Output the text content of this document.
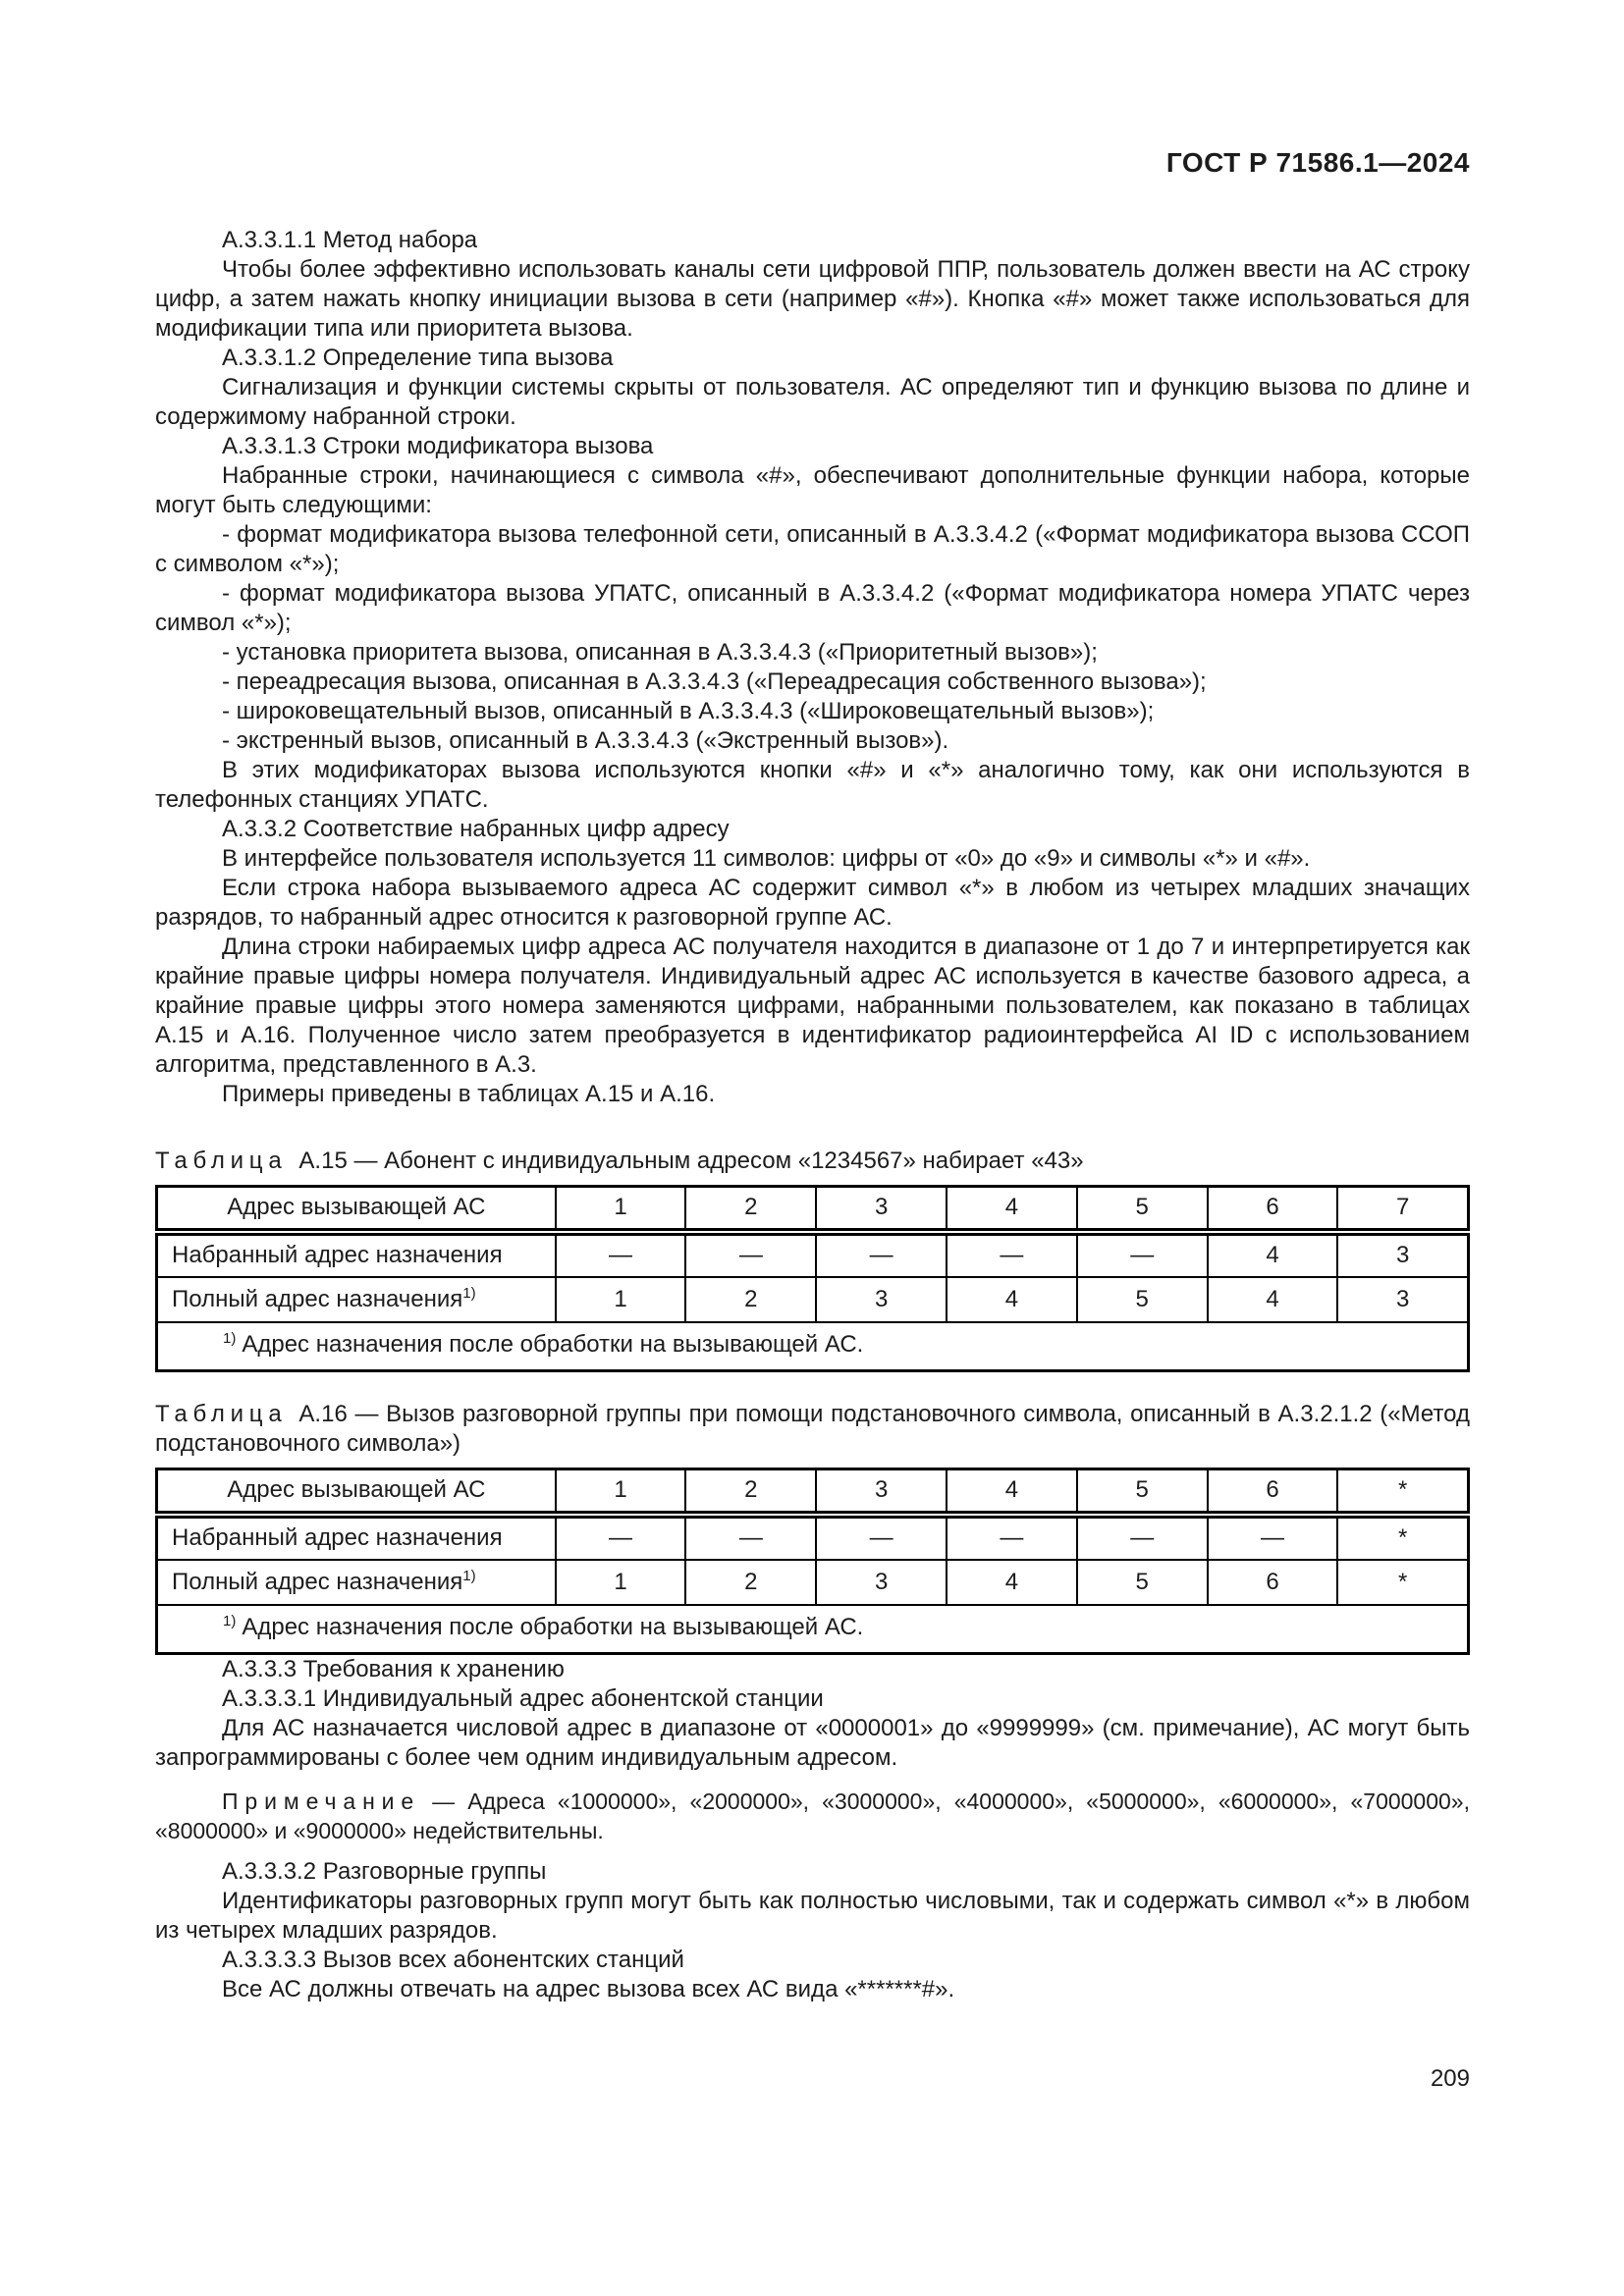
ГОСТ Р 71586.1—2024

А.3.3.1.1 Метод набора

Чтобы более эффективно использовать каналы сети цифровой ППР, пользователь должен ввести на АС строку цифр, а затем нажать кнопку инициации вызова в сети (например «#»). Кнопка «#» может также использоваться для модификации типа или приоритета вызова.

А.3.3.1.2 Определение типа вызова

Сигнализация и функции системы скрыты от пользователя. АС определяют тип и функцию вызова по длине и содержимому набранной строки.

А.3.3.1.3 Строки модификатора вызова

Набранные строки, начинающиеся с символа «#», обеспечивают дополнительные функции набора, которые могут быть следующими:

- формат модификатора вызова телефонной сети, описанный в А.3.3.4.2 («Формат модификатора вызова ССОП с символом «*»);

- формат модификатора вызова УПАТС, описанный в А.3.3.4.2 («Формат модификатора номера УПАТС через символ «*»);

- установка приоритета вызова, описанная в А.3.3.4.3 («Приоритетный вызов»);

- переадресация вызова, описанная в А.3.3.4.3 («Переадресация собственного вызова»);

- широковещательный вызов, описанный в А.3.3.4.3 («Широковещательный вызов»);

- экстренный вызов, описанный в А.3.3.4.3 («Экстренный вызов»).

В этих модификаторах вызова используются кнопки «#» и «*» аналогично тому, как они используются в телефонных станциях УПАТС.

А.3.3.2 Соответствие набранных цифр адресу

В интерфейсе пользователя используется 11 символов: цифры от «0» до «9» и символы «*» и «#».

Если строка набора вызываемого адреса АС содержит символ «*» в любом из четырех младших значащих разрядов, то набранный адрес относится к разговорной группе АС.

Длина строки набираемых цифр адреса АС получателя находится в диапазоне от 1 до 7 и интерпретируется как крайние правые цифры номера получателя. Индивидуальный адрес АС используется в качестве базового адреса, а крайние правые цифры этого номера заменяются цифрами, набранными пользователем, как показано в таблицах А.15 и А.16. Полученное число затем преобразуется в идентификатор радиоинтерфейса AI ID с использованием алгоритма, представленного в А.3.

Примеры приведены в таблицах А.15 и А.16.

Таблица А.15 — Абонент с индивидуальным адресом «1234567» набирает «43»

Адрес вызывающей АС	1	2	3	4	5	6	7
Набранный адрес назначения	—	—	—	—	—	4	3
Полный адрес назначения$^{1)}$	1	2	3	4	5	4	3
$^{1)}$ Адрес назначения после обработки на вызывающей АС.							

Таблица А.16 — Вызов разговорной группы при помощи подстановочного символа, описанный в А.3.2.1.2 («Метод подстановочного символа»)

Адрес вызывающей АС	1	2	3	4	5	6	*
Набранный адрес назначения	—	—	—	—	—	—	*
Полный адрес назначения$^{1)}$	1	2	3	4	5	6	*
$^{1)}$ Адрес назначения после обработки на вызывающей АС.							

А.3.3.3 Требования к хранению

А.3.3.3.1 Индивидуальный адрес абонентской станции

Для АС назначается числовой адрес в диапазоне от «0000001» до «9999999» (см. примечание), АС могут быть запрограммированы с более чем одним индивидуальным адресом.

Примечание — Адреса «1000000», «2000000», «3000000», «4000000», «5000000», «6000000», «7000000», «8000000» и «9000000» недействительны.

А.3.3.3.2 Разговорные группы

Идентификаторы разговорных групп могут быть как полностью числовыми, так и содержать символ «*» в любом из четырех младших разрядов.

А.3.3.3.3 Вызов всех абонентских станций

Все АС должны отвечать на адрес вызова всех АС вида «*******#».

209
